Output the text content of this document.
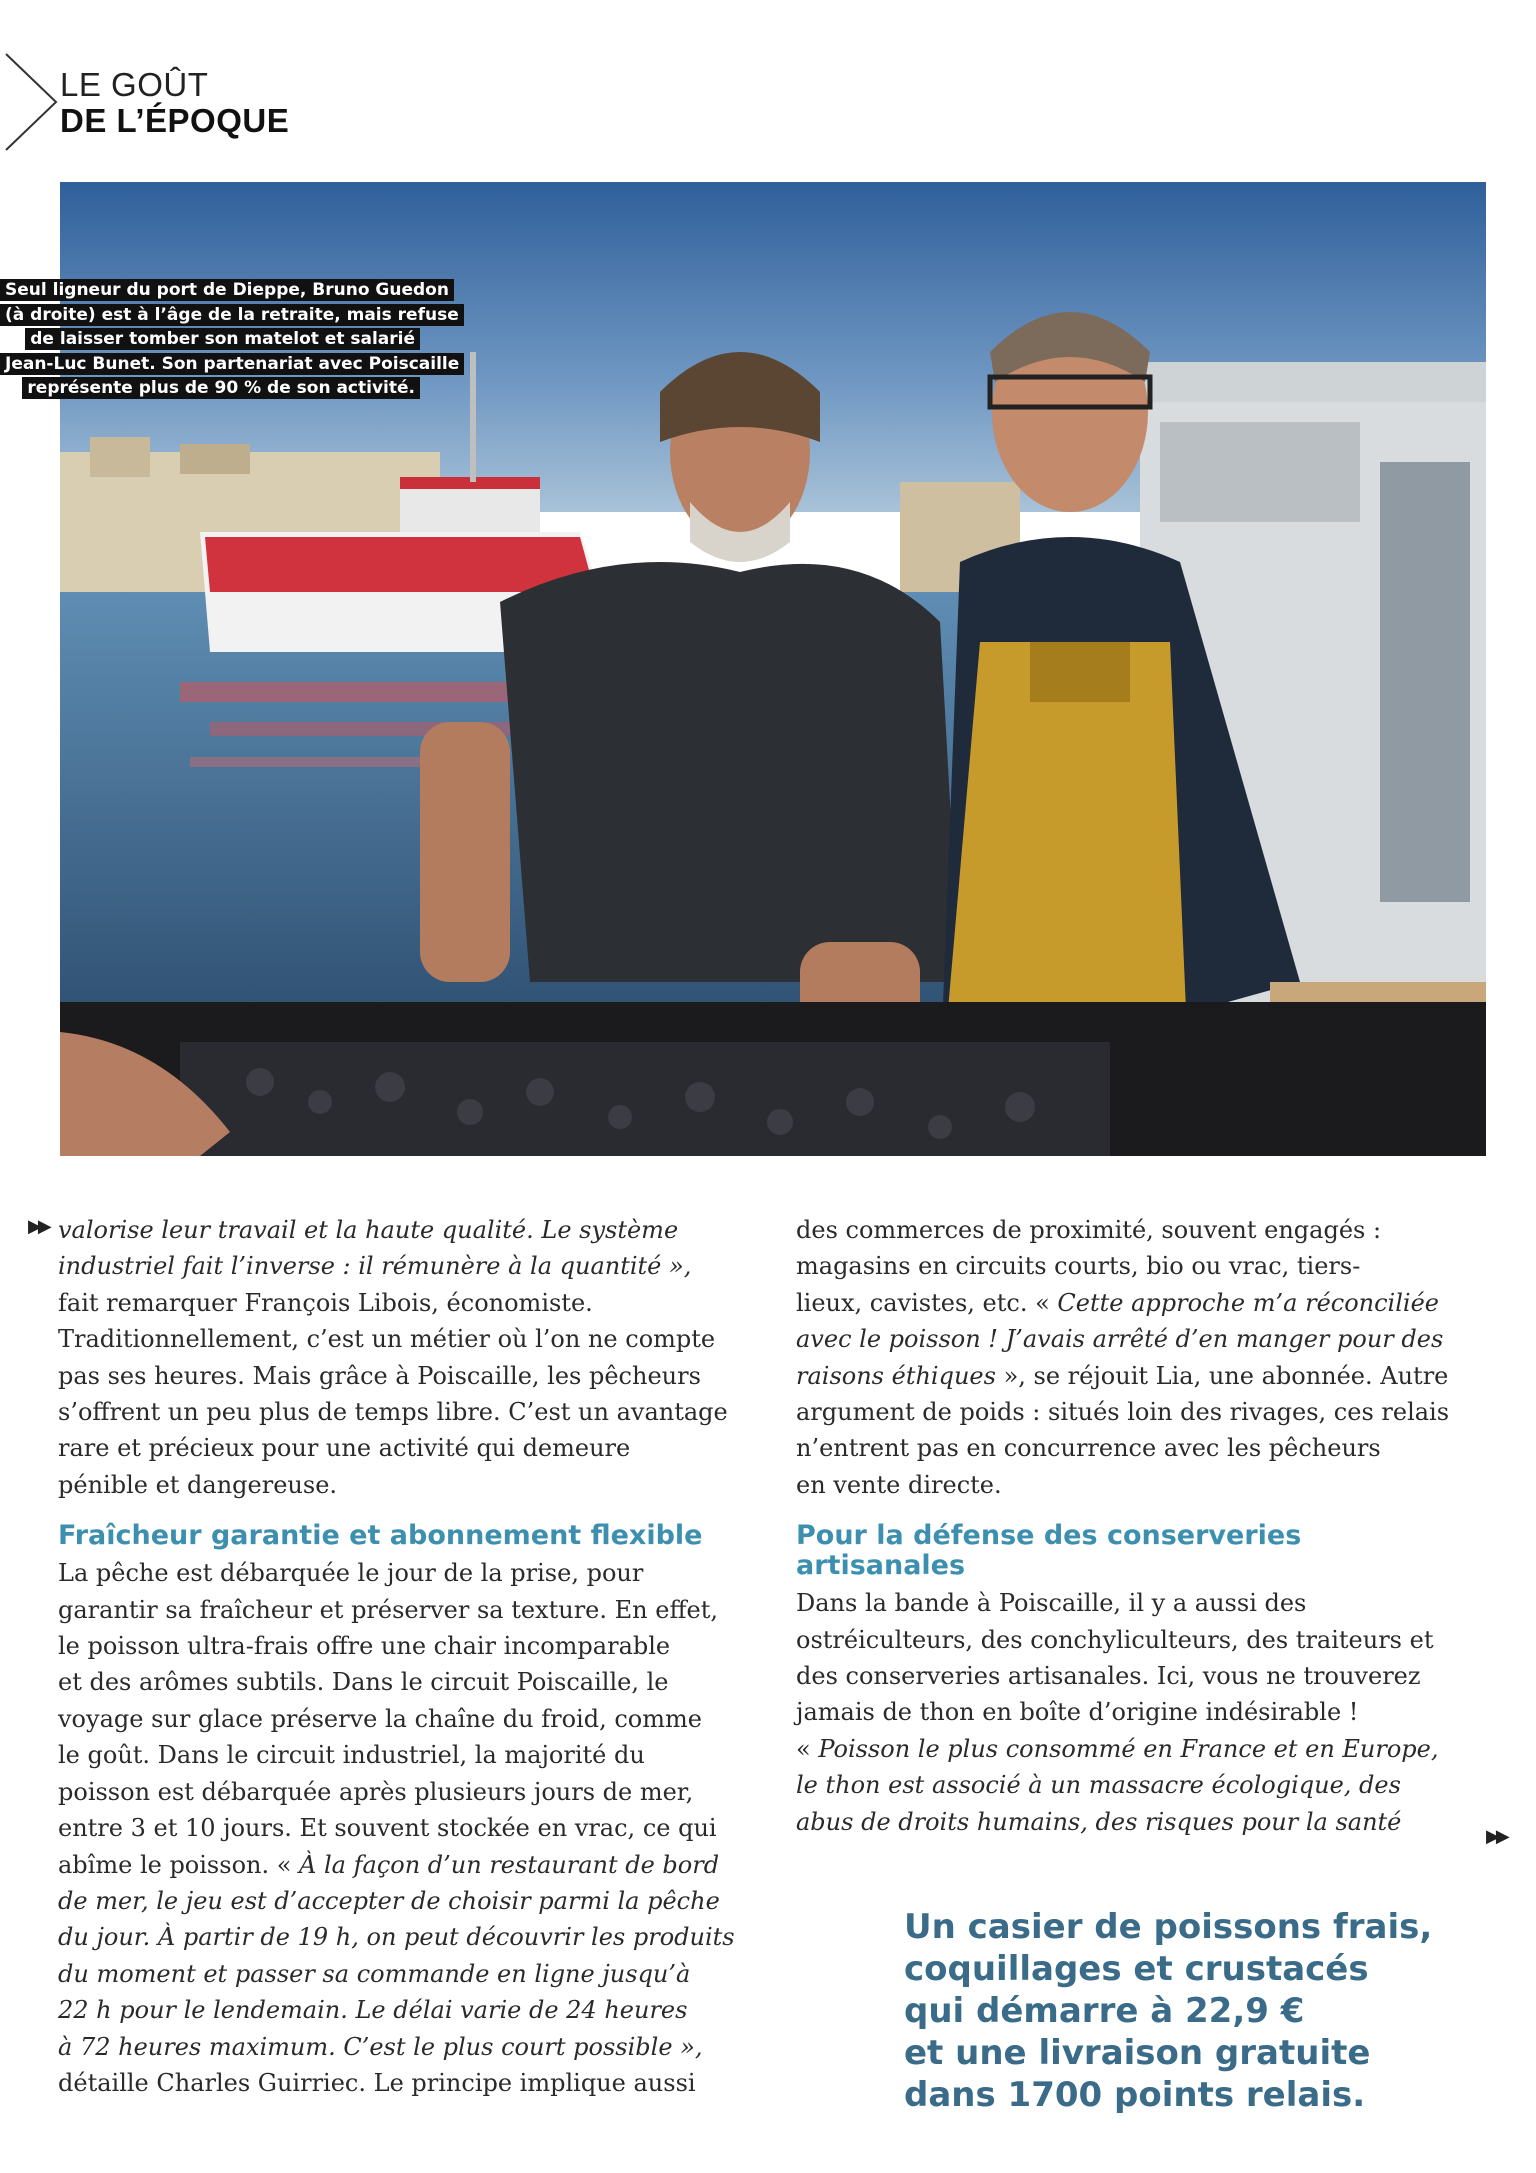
LE GOÛT
DE L’ÉPOQUE
Seul ligneur du port de Dieppe, Bruno Guedon
(à droite) est à l’âge de la retraite, mais refuse
de laisser tomber son matelot et salarié
Jean-Luc Bunet. Son partenariat avec Poiscaille
représente plus de 90 % de son activité.
▶▶
▶▶
valorise leur travail et la haute qualité. Le système
industriel fait l’inverse : il rémunère à la quantité »,
fait remarquer François Libois, économiste.
Traditionnellement, c’est un métier où l’on ne compte
pas ses heures. Mais grâce à Poiscaille, les pêcheurs
s’offrent un peu plus de temps libre. C’est un avantage
rare et précieux pour une activité qui demeure
pénible et dangereuse.
Fraîcheur garantie et abonnement flexible
La pêche est débarquée le jour de la prise, pour
garantir sa fraîcheur et préserver sa texture. En effet,
le poisson ultra-frais offre une chair incomparable
et des arômes subtils. Dans le circuit Poiscaille, le
voyage sur glace préserve la chaîne du froid, comme
le goût. Dans le circuit industriel, la majorité du
poisson est débarquée après plusieurs jours de mer,
entre 3 et 10 jours. Et souvent stockée en vrac, ce qui
abîme le poisson. « À la façon d’un restaurant de bord
de mer, le jeu est d’accepter de choisir parmi la pêche
du jour. À partir de 19 h, on peut découvrir les produits
du moment et passer sa commande en ligne jusqu’à
22 h pour le lendemain. Le délai varie de 24 heures
à 72 heures maximum. C’est le plus court possible »,
détaille Charles Guirriec. Le principe implique aussi
des commerces de proximité, souvent engagés :
magasins en circuits courts, bio ou vrac, tiers-
lieux, cavistes, etc. « Cette approche m’a réconciliée
avec le poisson ! J’avais arrêté d’en manger pour des
raisons éthiques », se réjouit Lia, une abonnée. Autre
argument de poids : situés loin des rivages, ces relais
n’entrent pas en concurrence avec les pêcheurs
en vente directe.
Pour la défense des conserveries
artisanales
Dans la bande à Poiscaille, il y a aussi des
ostréiculteurs, des conchyliculteurs, des traiteurs et
des conserveries artisanales. Ici, vous ne trouverez
jamais de thon en boîte d’origine indésirable !
« Poisson le plus consommé en France et en Europe,
le thon est associé à un massacre écologique, des
abus de droits humains, des risques pour la santé
Un casier de poissons frais,
coquillages et crustacés
qui démarre à 22,9 €
et une livraison gratuite
dans 1700 points relais.
